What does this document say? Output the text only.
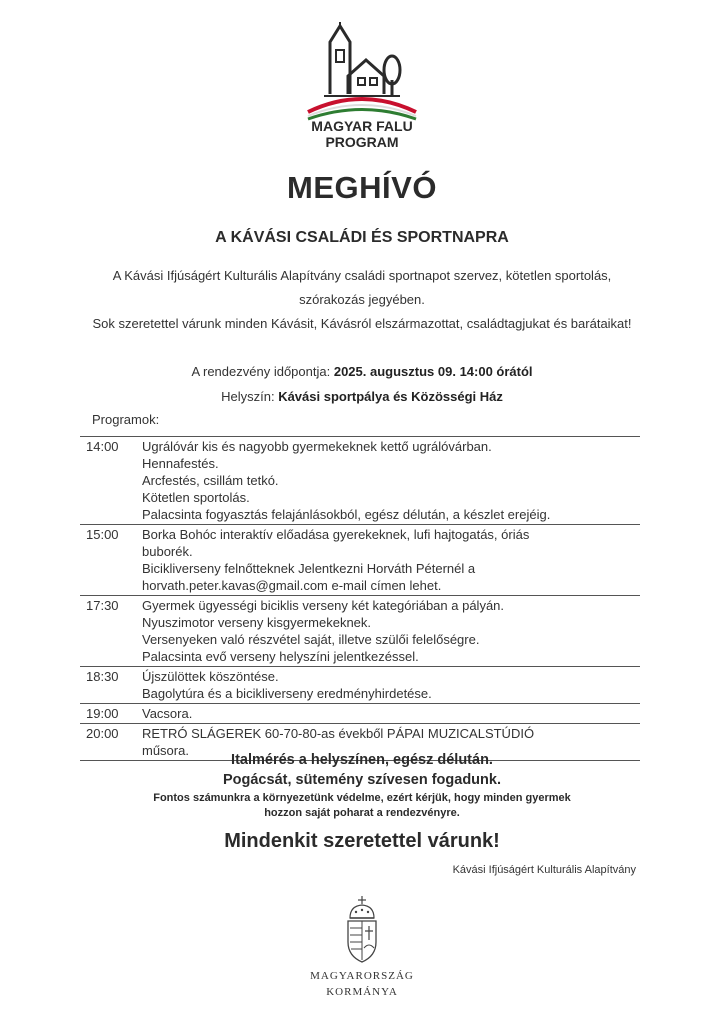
MAGYAR FALU
PROGRAM
MEGHÍVÓ
A KÁVÁSI CSALÁDI ÉS SPORTNAPRA
A Kávási Ifjúságért Kulturális Alapítvány családi sportnapot szervez, kötetlen sportolás, szórakozás jegyében.
Sok szeretettel várunk minden Kávásit, Kávásról elszármazottat, családtagjukat és barátaikat!
A rendezvény időpontja: 2025. augusztus 09. 14:00 órától
Helyszín: Kávási sportpálya és Közösségi Ház
Programok:
14:00	Ugrálóvár kis és nagyobb gyermekeknek kettő ugrálóvárban.
Hennafestés.
Arcfestés, csillám tetkó.
Kötetlen sportolás.
Palacsinta fogyasztás felajánlásokból, egész délután, a készlet erejéig.
15:00	Borka Bohóc interaktív előadása gyerekeknek, lufi hajtogatás, óriás
buborék.
Bicikliverseny felnőtteknek Jelentkezni Horváth Péternél a
horvath.peter.kavas@gmail.com e-mail címen lehet.
17:30	Gyermek ügyességi biciklis verseny két kategóriában a pályán.
Nyuszimotor verseny kisgyermekeknek.
Versenyeken való részvétel saját, illetve szülői felelőségre.
Palacsinta evő verseny helyszíni jelentkezéssel.
18:30	Újszülöttek köszöntése.
Bagolytúra és a bicikliverseny eredményhirdetése.
19:00	Vacsora.
20:00	RETRÓ SLÁGEREK 60-70-80-as évekből PÁPAI MUZICALSTÚDIÓ
műsora.
Italmérés a helyszínen, egész délután.
Pogácsát, sütemény szívesen fogadunk.
Fontos számunkra a környezetünk védelme, ezért kérjük, hogy minden gyermek
hozzon saját poharat a rendezvényre.
Mindenkit szeretettel várunk!
Kávási Ifjúságért Kulturális Alapítvány
MAGYARORSZÁG
KORMÁNYA
